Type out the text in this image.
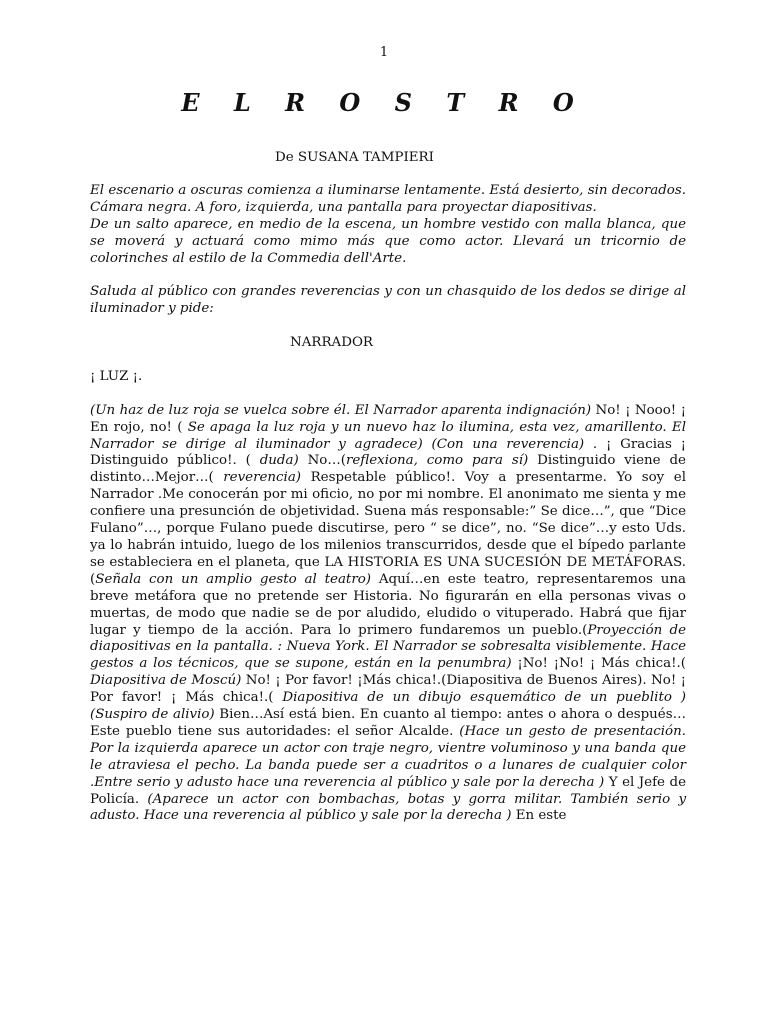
1
E L R O S T R O
De SUSANA TAMPIERI

El escenario a oscuras comienza a iluminarse lentamente. Está desierto, sin decorados. Cámara negra. A foro, izquierda, una pantalla para proyectar diapositivas.

De un salto aparece, en medio de la escena, un hombre vestido con malla blanca, que se moverá y actuará como mimo más que como actor. Llevará un tricornio de colorinches al estilo de la Commedia dell'Arte.

Saluda al público con grandes reverencias y con un chasquido de los dedos se dirige al iluminador y pide:

NARRADOR

¡ LUZ ¡.

(Un haz de luz roja se vuelca sobre él. El Narrador aparenta indignación) No! ¡ Nooo! ¡ En rojo, no! ( Se apaga la luz roja y un nuevo haz lo ilumina, esta vez, amarillento. El Narrador se dirige al iluminador y agradece) (Con una reverencia) . ¡ Gracias ¡ Distinguido público!. ( duda) No…(reflexiona, como para sí) Distinguido viene de distinto…Mejor…( reverencia) Respetable público!. Voy a presentarme. Yo soy el Narrador .Me conocerán por mi oficio, no por mi nombre. El anonimato me sienta y me confiere una presunción de objetividad. Suena más responsable:” Se dice…”, que “Dice Fulano”…, porque Fulano puede discutirse, pero “ se dice”, no. “Se dice”…y esto Uds. ya lo habrán intuido, luego de los milenios transcurridos, desde que el bípedo parlante se estableciera en el planeta, que LA HISTORIA ES UNA SUCESIÓN DE METÁFORAS. (Señala con un amplio gesto al teatro) Aquí…en este teatro, representaremos una breve metáfora que no pretende ser Historia. No figurarán en ella personas vivas o muertas, de modo que nadie se de por aludido, eludido o vituperado. Habrá que fijar lugar y tiempo de la acción. Para lo primero fundaremos un pueblo.(Proyección de diapositivas en la pantalla. : Nueva York. El Narrador se sobresalta visiblemente. Hace gestos a los técnicos, que se supone, están en la penumbra) ¡No! ¡No! ¡ Más chica!.( Diapositiva de Moscú) No! ¡ Por favor! ¡Más chica!.(Diapositiva de Buenos Aires). No! ¡ Por favor! ¡ Más chica!.( Diapositiva de un dibujo esquemático de un pueblito ) (Suspiro de alivio) Bien…Así está bien. En cuanto al tiempo: antes o ahora o después…Este pueblo tiene sus autoridades: el señor Alcalde. (Hace un gesto de presentación. Por la izquierda aparece un actor con traje negro, vientre voluminoso y una banda que le atraviesa el pecho. La banda puede ser a cuadritos o a lunares de cualquier color .Entre serio y adusto hace una reverencia al público y sale por la derecha ) Y el Jefe de Policía. (Aparece un actor con bombachas, botas y gorra militar. También serio y adusto. Hace una reverencia al público y sale por la derecha ) En este
